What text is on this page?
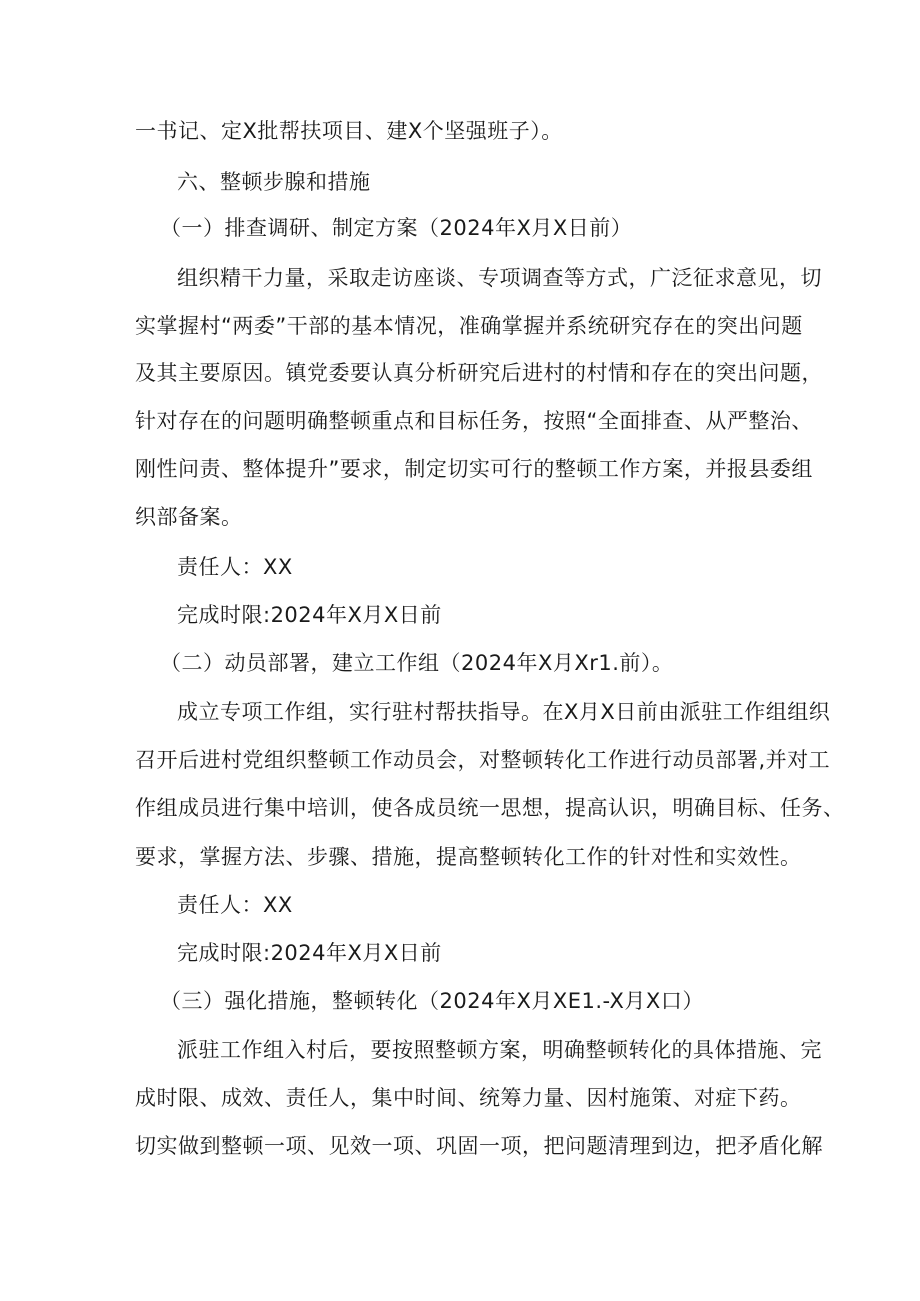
一书记、定X批帮扶项目、建X个坚强班子）。
六、整顿步腺和措施
（一）排查调研、制定方案（2024年X月X日前）
组织精干力量，采取走访座谈、专项调查等方式，广泛征求意见，切
实掌握村“两委”干部的基本情况，准确掌握并系统研究存在的突出问题
及其主要原因。镇党委要认真分析研究后进村的村情和存在的突出问题，
针对存在的问题明确整顿重点和目标任务，按照“全面排查、从严整治、
刚性问责、整体提升”要求，制定切实可行的整顿工作方案，并报县委组
织部备案。
责任人：XX
完成时限:2024年X月X日前
（二）动员部署，建立工作组（2024年X月Xr1.前）。
成立专项工作组，实行驻村帮扶指导。在X月X日前由派驻工作组组织
召开后进村党组织整顿工作动员会，对整顿转化工作进行动员部署,并对工
作组成员进行集中培训，使各成员统一思想，提高认识，明确目标、任务、
要求，掌握方法、步骤、措施，提高整顿转化工作的针对性和实效性。
责任人：XX
完成时限:2024年X月X日前
（三）强化措施，整顿转化（2024年X月XE1.-X月X口）
派驻工作组入村后，要按照整顿方案，明确整顿转化的具体措施、完
成时限、成效、责任人，集中时间、统筹力量、因村施策、对症下药。
切实做到整顿一项、见效一项、巩固一项，把问题清理到边，把矛盾化解
